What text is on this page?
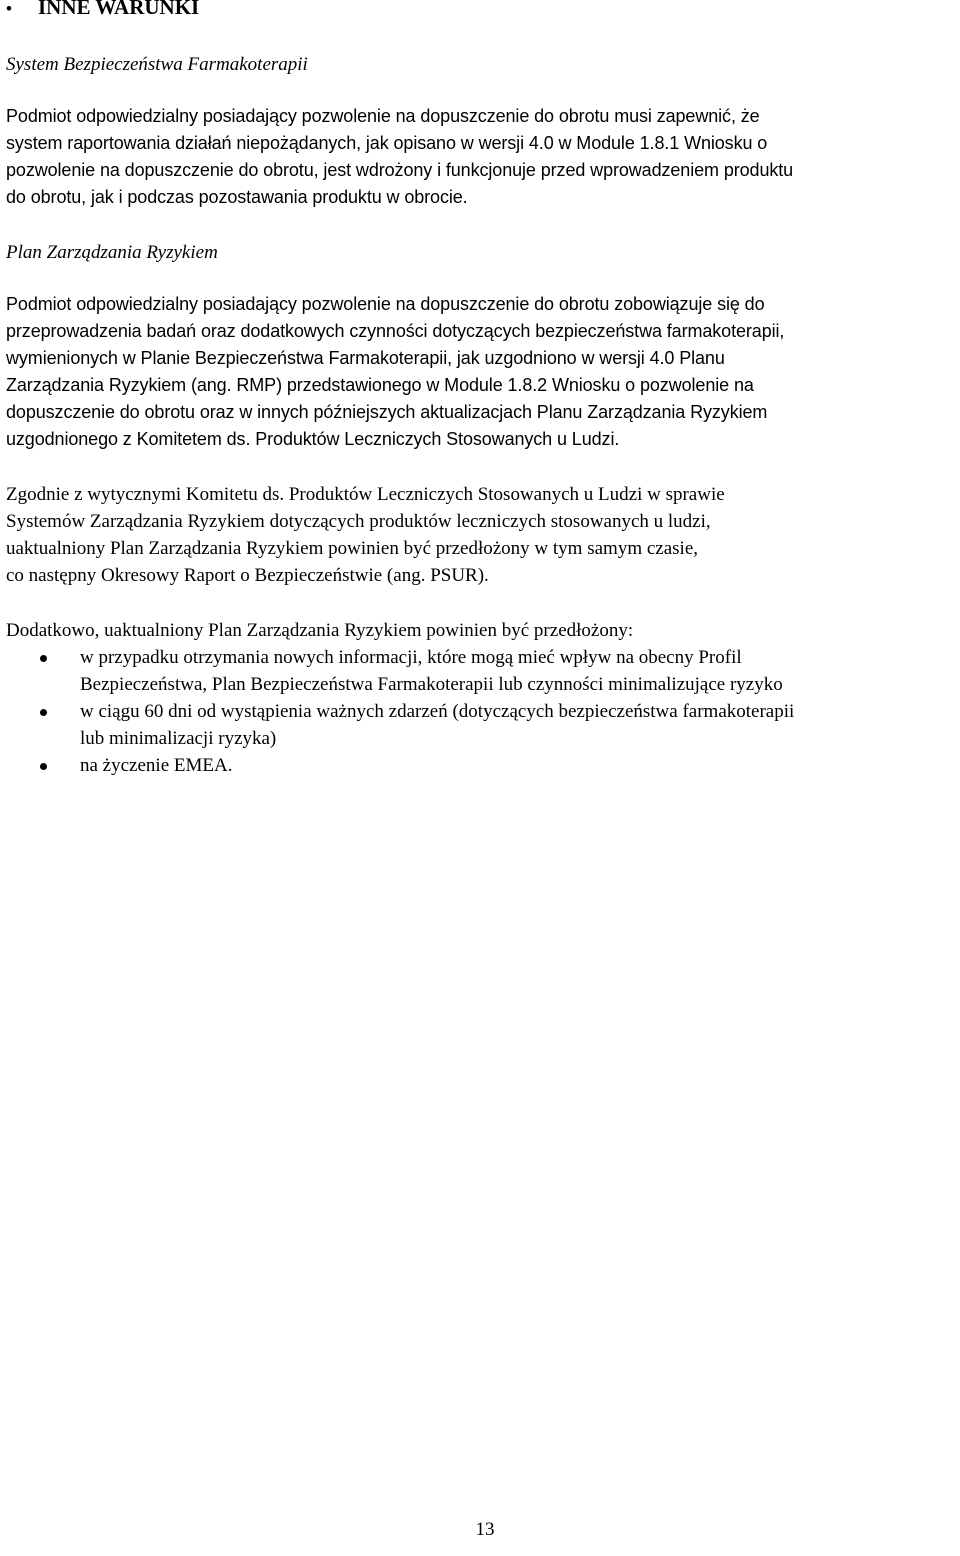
• INNE WARUNKI
System Bezpieczeństwa Farmakoterapii
Podmiot odpowiedzialny posiadający pozwolenie na dopuszczenie do obrotu musi zapewnić, że
system raportowania działań niepożądanych, jak opisano w wersji 4.0 w Module 1.8.1 Wniosku o
pozwolenie na dopuszczenie do obrotu, jest wdrożony i funkcjonuje przed wprowadzeniem produktu
do obrotu, jak i podczas pozostawania produktu w obrocie.
Plan Zarządzania Ryzykiem
Podmiot odpowiedzialny posiadający pozwolenie na dopuszczenie do obrotu zobowiązuje się do
przeprowadzenia badań oraz dodatkowych czynności dotyczących bezpieczeństwa farmakoterapii,
wymienionych w Planie Bezpieczeństwa Farmakoterapii, jak uzgodniono w wersji 4.0 Planu
Zarządzania Ryzykiem (ang. RMP) przedstawionego w Module 1.8.2 Wniosku o pozwolenie na
dopuszczenie do obrotu oraz w innych późniejszych aktualizacjach Planu Zarządzania Ryzykiem
uzgodnionego z Komitetem ds. Produktów Leczniczych Stosowanych u Ludzi.
Zgodnie z wytycznymi Komitetu ds. Produktów Leczniczych Stosowanych u Ludzi w sprawie
Systemów Zarządzania Ryzykiem dotyczących produktów leczniczych stosowanych u ludzi,
uaktualniony Plan Zarządzania Ryzykiem powinien być przedłożony w tym samym czasie,
co następny Okresowy Raport o Bezpieczeństwie (ang. PSUR).
Dodatkowo, uaktualniony Plan Zarządzania Ryzykiem powinien być przedłożony:
w przypadku otrzymania nowych informacji, które mogą mieć wpływ na obecny Profil
Bezpieczeństwa, Plan Bezpieczeństwa Farmakoterapii lub czynności minimalizujące ryzyko
w ciągu 60 dni od wystąpienia ważnych zdarzeń (dotyczących bezpieczeństwa farmakoterapii
lub minimalizacji ryzyka)
na życzenie EMEA.
13
